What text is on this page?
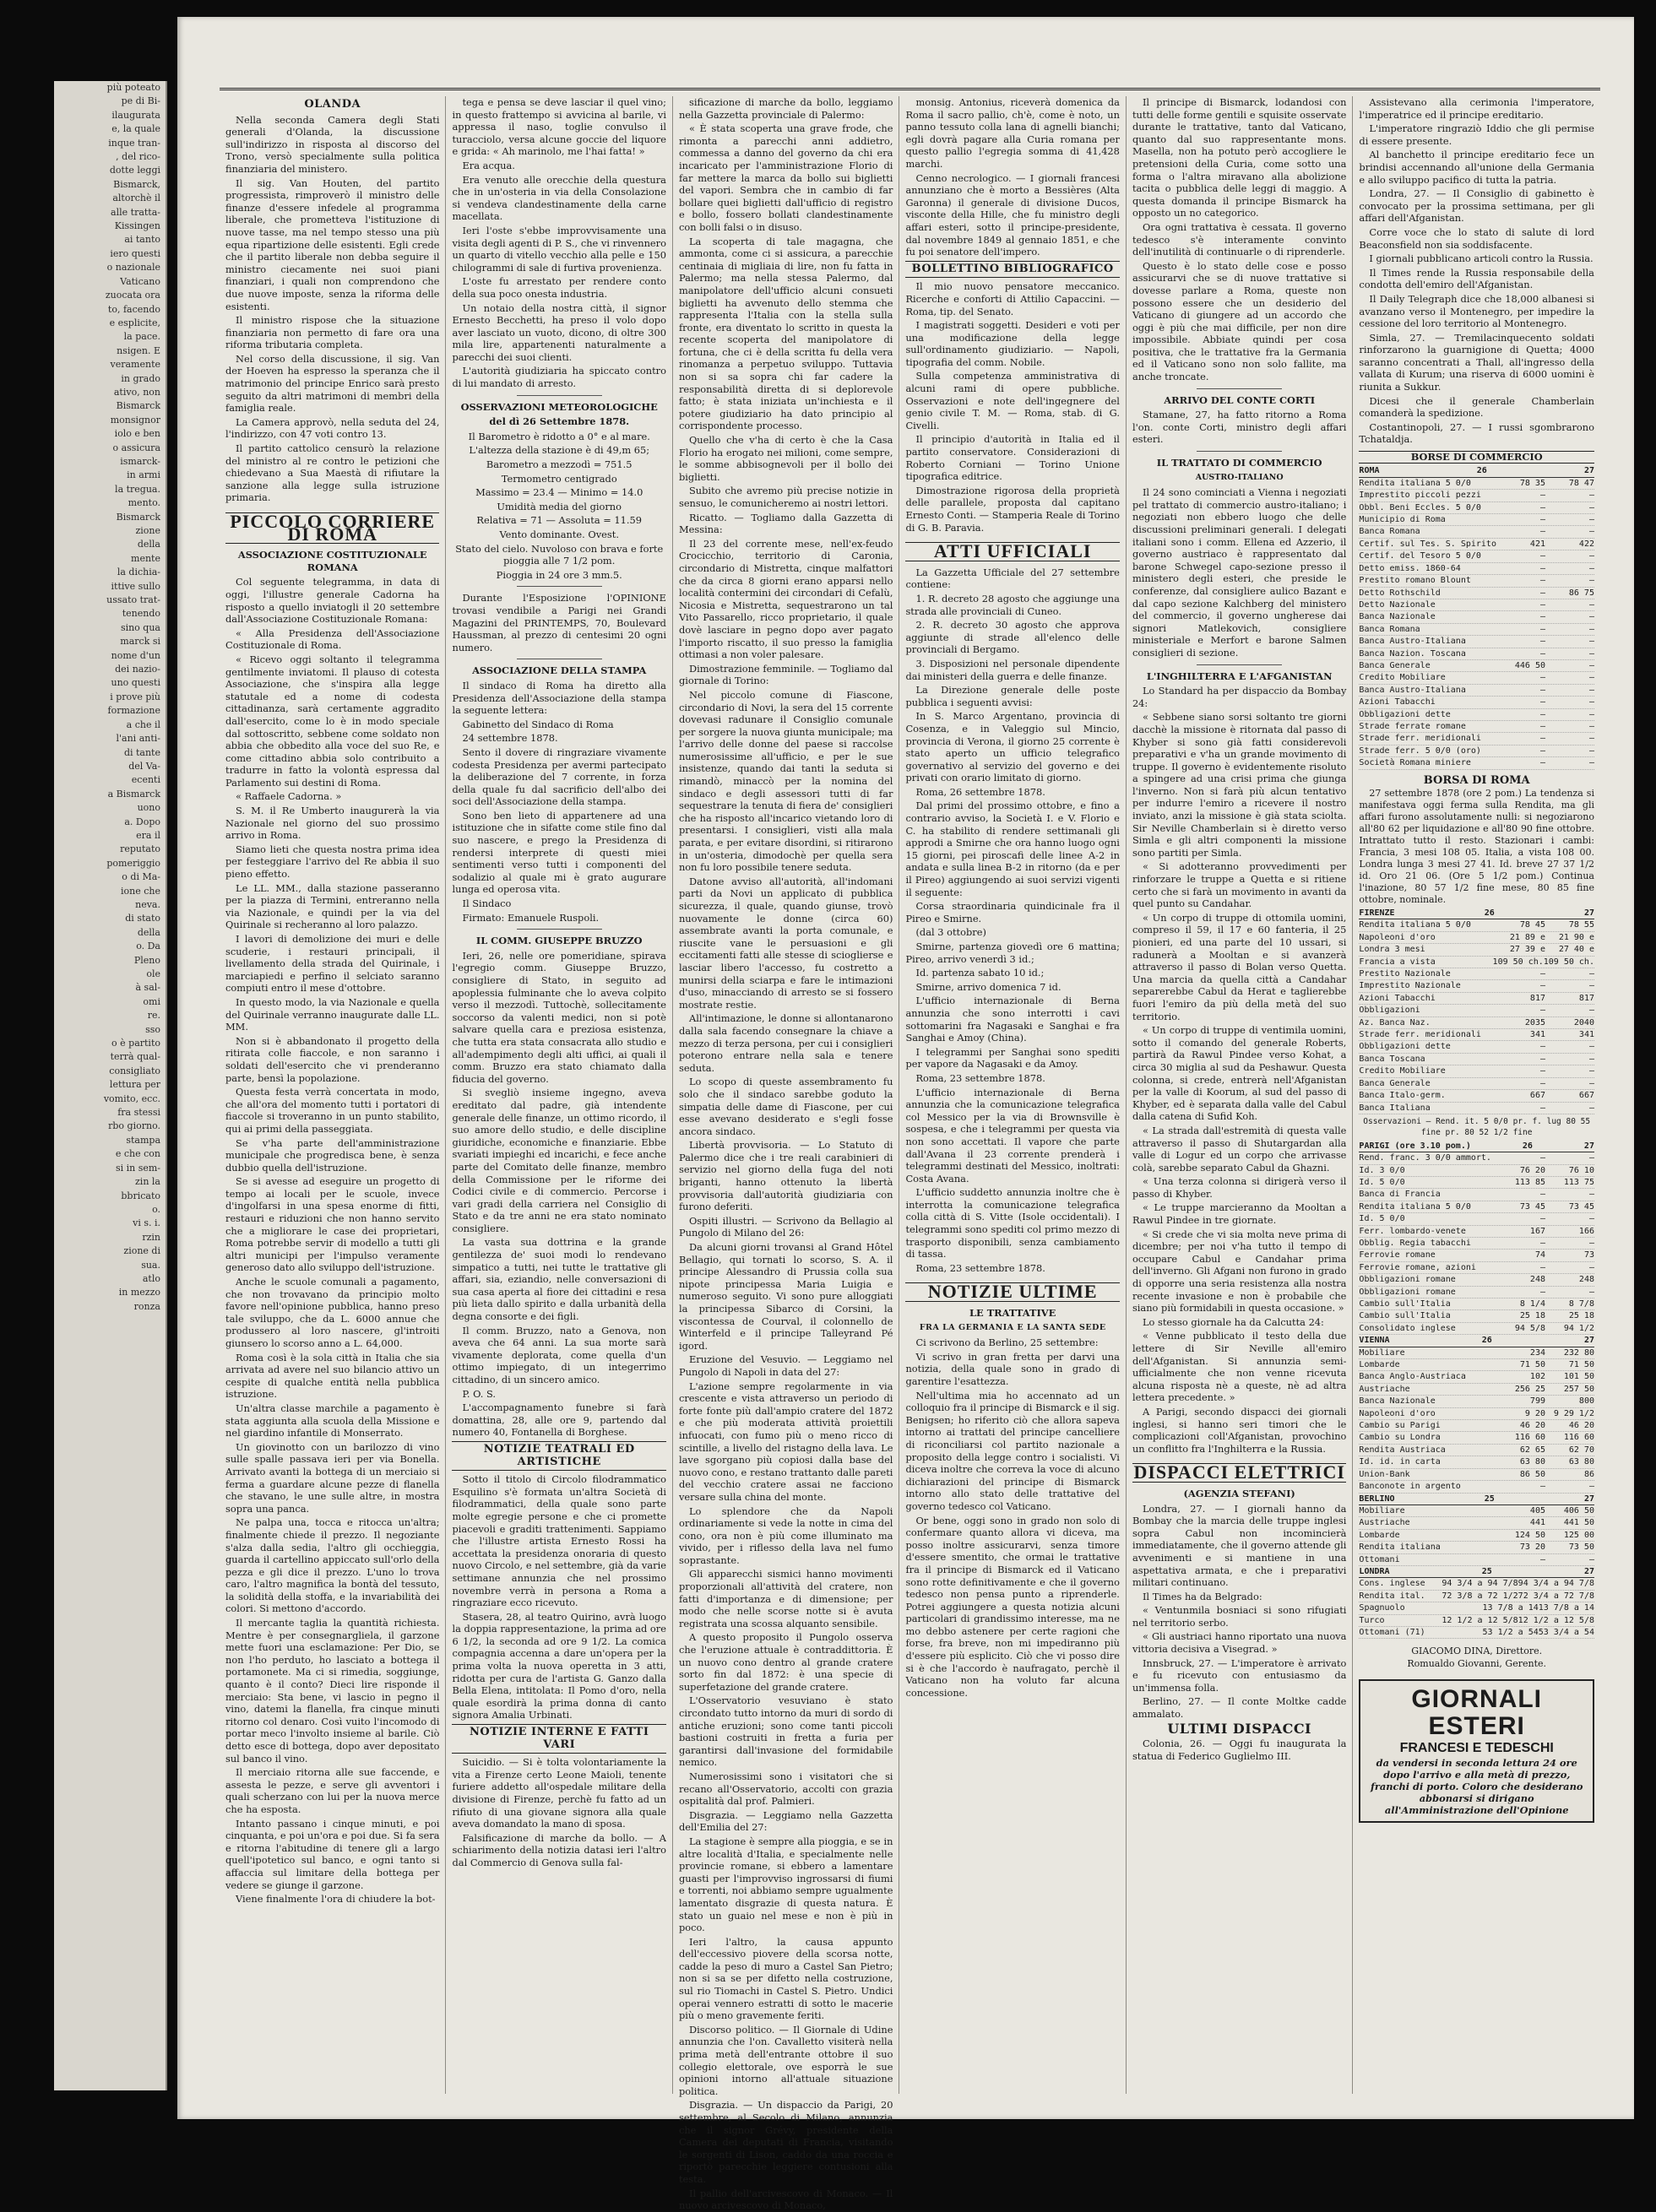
più poteato
pe di Bi-
ilaugurata
e, la quale
inque tran-
, del rico-
dotte leggi
Bismarck,
altorchè il
alle tratta-
Kissingen
ai tanto
iero questi
o nazionale
Vaticano
zuocata ora
to, facendo
e esplicite,
la pace.
nsigen. E
veramente
in grado
ativo, non
Bismarck
monsignor
iolo e ben
o assicura
ismarck-
in armi
la tregua.
mento.
Bismarck
zione
della
mente
la dichia-
ittive sullo
ussato trat-
tenendo
sino qua
marck si
nome d'un
dei nazio-
uno questi
i prove più
formazione
a che il
l'ani anti-
di tante
del Va-
ecenti
a Bismarck
uono
a. Dopo
era il
reputato
pomeriggio
o di Ma-
ione che
neva.
di stato
della
o. Da
Pleno
ole
à sal-
omi
re.
sso
o è partito
terrà qual-
consigliato
lettura per
vomito, ecc.
fra stessi
rbo giorno.
stampa
e che con
si in sem-
zin la
bbricato
o.
vi s. i.
rzin
zione di
sua.
atlo
in mezzo
ronza
OLANDA

Nella seconda Camera degli Stati generali d'Olanda, la discussione sull'indirizzo in risposta al discorso del Trono, versò specialmente sulla politica finanziaria del ministero.

Il sig. Van Houten, del partito progressista, rimproverò il ministro delle finanze d'essere infedele al programma liberale, che prometteva l'istituzione di nuove tasse, ma nel tempo stesso una più equa ripartizione delle esistenti. Egli crede che il partito liberale non debba seguire il ministro ciecamente nei suoi piani finanziari, i quali non comprendono che due nuove imposte, senza la riforma delle esistenti.

Il ministro rispose che la situazione finanziaria non permetto di fare ora una riforma tributaria completa.

Nel corso della discussione, il sig. Van der Hoeven ha espresso la speranza che il matrimonio del principe Enrico sarà presto seguito da altri matrimoni di membri della famiglia reale.

La Camera approvò, nella seduta del 24, l'indirizzo, con 47 voti contro 13.

Il partito cattolico censurò la relazione del ministro al re contro le petizioni che chiedevano a Sua Maestà di rifiutare la sanzione alla legge sulla istruzione primaria.

PICCOLO CORRIERE DI ROMA
ASSOCIAZIONE COSTITUZIONALE ROMANA

Col seguente telegramma, in data di oggi, l'illustre generale Cadorna ha risposto a quello inviatogli il 20 settembre dall'Associazione Costituzionale Romana:

« Alla Presidenza dell'Associazione Costituzionale di Roma.

« Ricevo oggi soltanto il telegramma gentilmente inviatomi. Il plauso di cotesta Associazione, che s'inspira alla legge statutale ed a nome di codesta cittadinanza, sarà certamente aggradito dall'esercito, come lo è in modo speciale dal sottoscritto, sebbene come soldato non abbia che obbedito alla voce del suo Re, e come cittadino abbia solo contribuito a tradurre in fatto la volontà espressa dal Parlamento sui destini di Roma.

« Raffaele Cadorna. »

S. M. il Re Umberto inaugurerà la via Nazionale nel giorno del suo prossimo arrivo in Roma.

Siamo lieti che questa nostra prima idea per festeggiare l'arrivo del Re abbia il suo pieno effetto.

Le LL. MM., dalla stazione passeranno per la piazza di Termini, entreranno nella via Nazionale, e quindi per la via del Quirinale si recheranno al loro palazzo.

I lavori di demolizione dei muri e delle scuderie, i restauri principali, il livellamento della strada del Quirinale, i marciapiedi e perfino il selciato saranno compiuti entro il mese d'ottobre.

In questo modo, la via Nazionale e quella del Quirinale verranno inaugurate dalle LL. MM.

Non si è abbandonato il progetto della ritirata colle fiaccole, e non saranno i soldati dell'esercito che vi prenderanno parte, bensì la popolazione.

Questa festa verrà concertata in modo, che all'ora del momento tutti i portatori di fiaccole si troveranno in un punto stabilito, qui ai primi della passeggiata.

Se v'ha parte dell'amministrazione municipale che progredisca bene, è senza dubbio quella dell'istruzione.

Se si avesse ad eseguire un progetto di tempo ai locali per le scuole, invece d'ingolfarsi in una spesa enorme di fitti, restauri e riduzioni che non hanno servito che a migliorare le case dei proprietari, Roma potrebbe servir di modello a tutti gli altri municipi per l'impulso veramente generoso dato allo sviluppo dell'istruzione.

Anche le scuole comunali a pagamento, che non trovavano da principio molto favore nell'opinione pubblica, hanno preso tale sviluppo, che da L. 6000 annue che produssero al loro nascere, gl'introiti giunsero lo scorso anno a L. 64,000.

Roma così è la sola città in Italia che sia arrivata ad avere nel suo bilancio attivo un cespite di qualche entità nella pubblica istruzione.

Un'altra classe marchile a pagamento è stata aggiunta alla scuola della Missione e nel giardino infantile di Monserrato.

Un giovinotto con un barilozzo di vino sulle spalle passava ieri per via Bonella. Arrivato avanti la bottega di un merciaio si ferma a guardare alcune pezze di flanella che stavano, le une sulle altre, in mostra sopra una panca.

Ne palpa una, tocca e ritocca un'altra; finalmente chiede il prezzo. Il negoziante s'alza dalla sedia, l'altro gli occhieggia, guarda il cartellino appiccato sull'orlo della pezza e gli dice il prezzo. L'uno lo trova caro, l'altro magnifica la bontà del tessuto, la solidità della stoffa, e la invariabilità dei colori. Si mettono d'accordo.

Il mercante taglia la quantità richiesta. Mentre è per consegnargliela, il garzone mette fuori una esclamazione: Per Dio, se non l'ho perduto, ho lasciato a bottega il portamonete. Ma ci si rimedia, soggiunge, quanto è il conto? Dieci lire risponde il merciaio: Sta bene, vi lascio in pegno il vino, datemi la flanella, fra cinque minuti ritorno col denaro. Così vuito l'incomodo di portar meco l'involto insieme al barile. Ciò detto esce di bottega, dopo aver depositato sul banco il vino.

Il merciaio ritorna alle sue faccende, e assesta le pezze, e serve gli avventori i quali scherzano con lui per la nuova merce che ha esposta.

Intanto passano i cinque minuti, e poi cinquanta, e poi un'ora e poi due. Si fa sera e ritorna l'abitudine di tenere gli a largo quell'ipotetico sul banco, e ogni tanto si affaccia sul limitare della bottega per vedere se giunge il garzone.

Viene finalmente l'ora di chiudere la bot-

tega e pensa se deve lasciar il quel vino; in questo frattempo si avvicina al barile, vi appressa il naso, toglie convulso il turacciolo, versa alcune goccie del liquore e grida: « Ah marinolo, me l'hai fatta! »

Era acqua.

Era venuto alle orecchie della questura che in un'osteria in via della Consolazione si vendeva clandestinamente della carne macellata.

Ieri l'oste s'ebbe improvvisamente una visita degli agenti di P. S., che vi rinvennero un quarto di vitello vecchio alla pelle e 150 chilogrammi di sale di furtiva provenienza.

L'oste fu arrestato per rendere conto della sua poco onesta industria.

Un notaio della nostra città, il signor Ernesto Becchetti, ha preso il volo dopo aver lasciato un vuoto, dicono, di oltre 300 mila lire, appartenenti naturalmente a parecchi dei suoi clienti.

L'autorità giudiziaria ha spiccato contro di lui mandato di arresto.

OSSERVAZIONI METEOROLOGICHE
del dì 26 Settembre 1878.

Il Barometro è ridotto a 0° e al mare.

L'altezza della stazione è di 49,m 65;

Barometro a mezzodì = 751.5

Termometro centigrado

Massimo = 23.4 — Minimo = 14.0

Umidità media del giorno

Relativa = 71 — Assoluta = 11.59

Vento dominante. Ovest.

Stato del cielo. Nuvoloso con brava e forte pioggia alle 7 1/2 pom.

Pioggia in 24 ore 3 mm.5.

Durante l'Esposizione l'OPINIONE trovasi vendibile a Parigi nei Grandi Magazini del PRINTEMPS, 70, Boulevard Haussman, al prezzo di centesimi 20 ogni numero.

ASSOCIAZIONE DELLA STAMPA

Il sindaco di Roma ha diretto alla Presidenza dell'Associazione della stampa la seguente lettera:

Gabinetto del Sindaco di Roma

24 settembre 1878.

Sento il dovere di ringraziare vivamente codesta Presidenza per avermi partecipato la deliberazione del 7 corrente, in forza della quale fu dal sacrificio dell'albo dei soci dell'Associazione della stampa.

Sono ben lieto di appartenere ad una istituzione che in sifatte come stile fino dal suo nascere, e prego la Presidenza di rendersi interprete di questi miei sentimenti verso tutti i componenti del sodalizio al quale mi è grato augurare lunga ed operosa vita.

Il Sindaco

Firmato: Emanuele Ruspoli.

IL COMM. GIUSEPPE BRUZZO

Ieri, 26, nelle ore pomeridiane, spirava l'egregio comm. Giuseppe Bruzzo, consigliere di Stato, in seguito ad apoplessia fulminante che lo aveva colpito verso il mezzodì. Tuttochè, sollecitamente soccorso da valenti medici, non si potè salvare quella cara e preziosa esistenza, che tutta era stata consacrata allo studio e all'adempimento degli alti uffici, ai quali il comm. Bruzzo era stato chiamato dalla fiducia del governo.

Si svegliò insieme ingegno, aveva ereditato dal padre, già intendente generale delle finanze, un ottimo ricordo, il suo amore dello studio, e delle discipline giuridiche, economiche e finanziarie. Ebbe svariati impieghi ed incarichi, e fece anche parte del Comitato delle finanze, membro della Commissione per le riforme dei Codici civile e di commercio. Percorse i vari gradi della carriera nel Consiglio di Stato e da tre anni ne era stato nominato consigliere.

La vasta sua dottrina e la grande gentilezza de' suoi modi lo rendevano simpatico a tutti, nei tutte le trattative gli affari, sia, eziandio, nelle conversazioni di sua casa aperta al fiore dei cittadini e resa più lieta dallo spirito e dalla urbanità della degna consorte e dei figli.

Il comm. Bruzzo, nato a Genova, non aveva che 64 anni. La sua morte sarà vivamente deplorata, come quella d'un ottimo impiegato, di un integerrimo cittadino, di un sincero amico.

P. O. S.

L'accompagnamento funebre si farà domattina, 28, alle ore 9, partendo dal numero 40, Fontanella di Borghese.

NOTIZIE TEATRALI ED ARTISTICHE

Sotto il titolo di Circolo filodrammatico Esquilino s'è formata un'altra Società di filodrammatici, della quale sono parte molte egregie persone e che ci promette piacevoli e graditi trattenimenti. Sappiamo che l'illustre artista Ernesto Rossi ha accettata la presidenza onoraria di questo nuovo Circolo, e nel settembre, già da varie settimane annunzia che nel prossimo novembre verrà in persona a Roma a ringraziare ecco ricevuto.

Stasera, 28, al teatro Quirino, avrà luogo la doppia rappresentazione, la prima ad ore 6 1/2, la seconda ad ore 9 1/2. La comica compagnia accenna a dare un'opera per la prima volta la nuova operetta in 3 atti, ridotta per cura de l'artista G. Ganzo dalla Bella Elena, intitolata: Il Pomo d'oro, nella quale esordirà la prima donna di canto signora Amalia Urbinati.

NOTIZIE INTERNE E FATTI VARI

Suicidio. — Si è tolta volontariamente la vita a Firenze certo Leone Maioli, tenente furiere addetto all'ospedale militare della divisione di Firenze, perchè fu fatto ad un rifiuto di una giovane signora alla quale aveva domandato la mano di sposa.

Falsificazione di marche da bollo. — A schiarimento della notizia datasi ieri l'altro dal Commercio di Genova sulla fal-

sificazione di marche da bollo, leggiamo nella Gazzetta provinciale di Palermo:

« È stata scoperta una grave frode, che rimonta a parecchi anni addietro, commessa a danno del governo da chi era incaricato per l'amministrazione Florio di far mettere la marca da bollo sui biglietti del vapori. Sembra che in cambio di far bollare quei biglietti dall'ufficio di registro e bollo, fossero bollati clandestinamente con bolli falsi o in disuso.

La scoperta di tale magagna, che ammonta, come ci si assicura, a parecchie centinaia di migliaia di lire, non fu fatta in Palermo; ma nella stessa Palermo, dal manipolatore dell'ufficio alcuni consueti biglietti ha avvenuto dello stemma che rappresenta l'Italia con la stella sulla fronte, era diventato lo scritto in questa la recente scoperta del manipolatore di fortuna, che ci è della scritta fu della vera rinomanza a perpetuo sviluppo. Tuttavia non si sa sopra chi far cadere la responsabilità diretta di si deplorevole fatto; è stata iniziata un'inchiesta e il potere giudiziario ha dato principio al corrispondente processo.

Quello che v'ha di certo è che la Casa Florio ha erogato nei milioni, come sempre, le somme abbisognevoli per il bollo dei biglietti.

Subito che avremo più precise notizie in sensuo, le comunicheremo ai nostri lettori.

Ricatto. — Togliamo dalla Gazzetta di Messina:

Il 23 del corrente mese, nell'ex-feudo Crocicchio, territorio di Caronia, circondario di Mistretta, cinque malfattori che da circa 8 giorni erano apparsi nello località contermini dei circondari di Cefalù, Nicosia e Mistretta, sequestrarono un tal Vito Passarello, ricco proprietario, il quale dovè lasciare in pegno dopo aver pagato l'importo riscatto, il suo presso la famiglia ottimasi a non voler palesare.

Dimostrazione femminile. — Togliamo dal giornale di Torino:

Nel piccolo comune di Fiascone, circondario di Novi, la sera del 15 corrente dovevasi radunare il Consiglio comunale per sorgere la nuova giunta municipale; ma l'arrivo delle donne del paese si raccolse numerosissime all'ufficio, e per le sue insistenze, quando dai tanti la seduta si rimandò, minaccò per la nomina del sindaco e degli assessori tutti di far sequestrare la tenuta di fiera de' consiglieri che ha risposto all'incarico vietando loro di presentarsi. I consiglieri, visti alla mala parata, e per evitare disordini, si ritirarono in un'osteria, dimodochè per quella sera non fu loro possibile tenere seduta.

Datone avviso all'autorità, all'indomani parti da Novi un applicato di pubblica sicurezza, il quale, quando giunse, trovò nuovamente le donne (circa 60) assembrate avanti la porta comunale, e riuscite vane le persuasioni e gli eccitamenti fatti alle stesse di scioglierse e lasciar libero l'accesso, fu costretto a munirsi della sciarpa e fare le intimazioni d'uso, minacciando di arresto se si fossero mostrate restie.

All'intimazione, le donne si allontanarono dalla sala facendo consegnare la chiave a mezzo di terza persona, per cui i consiglieri poterono entrare nella sala e tenere seduta.

Lo scopo di queste assembramento fu solo che il sindaco sarebbe goduto la simpatia delle dame di Fiascone, per cui esse avevano desiderato e s'egli fosse ancora sindaco.

Libertà provvisoria. — Lo Statuto di Palermo dice che i tre reali carabinieri di servizio nel giorno della fuga del noti briganti, hanno ottenuto la libertà provvisoria dall'autorità giudiziaria con furono deferiti.

Ospiti illustri. — Scrivono da Bellagio al Pungolo di Milano del 26:

Da alcuni giorni trovansi al Grand Hôtel Bellagio, qui tornati lo scorso, S. A. il principe Alessandro di Prussia colla sua nipote principessa Maria Luigia e numeroso seguito. Vi sono pure alloggiati la principessa Sibarco di Corsini, la viscontessa de Courval, il colonnello de Winterfeld e il principe Talleyrand Pé igord.

Eruzione del Vesuvio. — Leggiamo nel Pungolo di Napoli in data del 27:

L'azione sempre regolarmente in via crescente e vista attraverso un periodo di forte fonte più dall'ampio cratere del 1872 e che più moderata attività proiettili infuocati, con fumo più o meno ricco di scintille, a livello del ristagno della lava. Le lave sgorgano più copiosi dalla base del nuovo cono, e restano trattanto dalle pareti del vecchio cratere assai ne facciono versare sulla china del monte.

Lo splendore che da Napoli ordinariamente si vede la notte in cima del cono, ora non è più come illuminato ma vivido, per i riflesso della lava nel fumo soprastante.

Gli apparecchi sismici hanno movimenti proporzionali all'attività del cratere, non fatti d'importanza e di dimensione; per modo che nelle scorse notte si è avuta registrata una scossa alquanto sensibile.

A questo proposito il Pungolo osserva che l'eruzione attuale è contraddittoria. È un nuovo cono dentro al grande cratere sorto fin dal 1872: è una specie di superfetazione del grande cratere.

L'Osservatorio vesuviano è stato circondato tutto intorno da muri di sordo di antiche eruzioni; sono come tanti piccoli bastioni costruiti in fretta a furia per garantirsi dall'invasione del formidabile nemico.

Numerosissimi sono i visitatori che si recano all'Osservatorio, accolti con grazia ospitalità dal prof. Palmieri.

Disgrazia. — Leggiamo nella Gazzetta dell'Emilia del 27:

La stagione è sempre alla pioggia, e se in altre località d'Italia, e specialmente nelle provincie romane, si ebbero a lamentare guasti per l'improvviso ingrossarsi di fiumi e torrenti, noi abbiamo sempre ugualmente lamentato disgrazie di questa natura. È stato un guaio nel mese e non è più in poco.

Ieri l'altro, la causa appunto dell'eccessivo piovere della scorsa notte, cadde la peso di muro a Castel San Pietro; non si sa se per difetto nella costruzione, sul rio Tiomachi in Castel S. Pietro. Undici operai vennero estratti di sotto le macerie più o meno gravemente feriti.

Discorso politico. — Il Giornale di Udine annunzia che l'on. Cavalletto visiterà nella prima metà dell'entrante ottobre il suo collegio elettorale, ove esporrà le sue opinioni intorno all'attuale situazione politica.

Disgrazia. — Un dispaccio da Parigi, 20 settembre, al Secolo di Milano, annunzia che il signor Grévy, presidente della Camera dei deputati di Francia, visitando le sorgenti di Lison, caddo da una roccia e riportò parecchie leggiere contusioni alla testa.

Il pallio dell'arcivescovo di Monaco. — Il nuovo arcivescovo di Monaco,

monsig. Antonius, riceverà domenica da Roma il sacro pallio, ch'è, come è noto, un panno tessuto colla lana di agnelli bianchi; egli dovrà pagare alla Curia romana per questo pallio l'egregia somma di 41,428 marchi.

Cenno necrologico. — I giornali francesi annunziano che è morto a Bessières (Alta Garonna) il generale di divisione Ducos, visconte della Hille, che fu ministro degli affari esteri, sotto il principe-presidente, dal novembre 1849 al gennaio 1851, e che fu poi senatore dell'impero.

BOLLETTINO BIBLIOGRAFICO

Il mio nuovo pensatore meccanico. Ricerche e conforti di Attilio Capaccini. — Roma, tip. del Senato.

I magistrati soggetti. Desideri e voti per una modificazione della legge sull'ordinamento giudiziario. — Napoli, tipografia del comm. Nobile.

Sulla competenza amministrativa di alcuni rami di opere pubbliche. Osservazioni e note dell'ingegnere del genio civile T. M. — Roma, stab. di G. Civelli.

Il principio d'autorità in Italia ed il partito conservatore. Considerazioni di Roberto Corniani — Torino Unione tipografica editrice.

Dimostrazione rigorosa della proprietà delle parallele, proposta dal capitano Ernesto Conti. — Stamperia Reale di Torino di G. B. Paravia.

ATTI UFFICIALI

La Gazzetta Ufficiale del 27 settembre contiene:

1. R. decreto 28 agosto che aggiunge una strada alle provinciali di Cuneo.

2. R. decreto 30 agosto che approva aggiunte di strade all'elenco delle provinciali di Bergamo.

3. Disposizioni nel personale dipendente dai ministeri della guerra e delle finanze.

La Direzione generale delle poste pubblica i seguenti avvisi:

In S. Marco Argentano, provincia di Cosenza, e in Valeggio sul Mincio, provincia di Verona, il giorno 25 corrente è stato aperto un ufficio telegrafico governativo al servizio del governo e dei privati con orario limitato di giorno.

Roma, 26 settembre 1878.

Dal primi del prossimo ottobre, e fino a contrario avviso, la Società I. e V. Florio e C. ha stabilito di rendere settimanali gli approdi a Smirne che ora hanno luogo ogni 15 giorni, pei piroscafi delle linee A-2 in andata e sulla linea B-2 in ritorno (da e per il Pireo) aggiungendo ai suoi servizi vigenti il seguente:

Corsa straordinaria quindicinale fra il Pireo e Smirne.

(dal 3 ottobre)

Smirne, partenza giovedì ore 6 mattina; Pireo, arrivo venerdì 3 id.;

Id. partenza sabato 10 id.;

Smirne, arrivo domenica 7 id.

L'ufficio internazionale di Berna annunzia che sono interrotti i cavi sottomarini fra Nagasaki e Sanghai e fra Sanghai e Amoy (China).

I telegrammi per Sanghai sono spediti per vapore da Nagasaki e da Amoy.

Roma, 23 settembre 1878.

L'ufficio internazionale di Berna annunzia che la comunicazione telegrafica col Messico per la via di Brownsville è sospesa, e che i telegrammi per questa via non sono accettati. Il vapore che parte dall'Avana il 23 corrente prenderà i telegrammi destinati del Messico, inoltrati: Costa Avana.

L'ufficio suddetto annunzia inoltre che è interrotta la comunicazione telegrafica colla città di S. Vitte (Isole occidentali). I telegrammi sono spediti col primo mezzo di trasporto disponibili, senza cambiamento di tassa.

Roma, 23 settembre 1878.

NOTIZIE ULTIME
LE TRATTATIVE
FRA LA GERMANIA E LA SANTA SEDE

Ci scrivono da Berlino, 25 settembre:

Vi scrivo in gran fretta per darvi una notizia, della quale sono in grado di garentire l'esattezza.

Nell'ultima mia ho accennato ad un colloquio fra il principe di Bismarck e il sig. Benigsen; ho riferito ciò che allora sapeva intorno ai trattati del principe cancelliere di riconciliarsi col partito nazionale a proposito della legge contro i socialisti. Vi diceva inoltre che correva la voce di alcuno dichiarazioni del principe di Bismarck intorno allo stato delle trattative del governo tedesco col Vaticano.

Or bene, oggi sono in grado non solo di confermare quanto allora vi diceva, ma posso inoltre assicurarvi, senza timore d'essere smentito, che ormai le trattative fra il principe di Bismarck ed il Vaticano sono rotte definitivamente e che il governo tedesco non pensa punto a riprenderle. Potrei aggiungere a questa notizia alcuni particolari di grandissimo interesse, ma ne mo debbo astenere per certe ragioni che forse, fra breve, non mi impediranno più d'essere più esplicito. Ciò che vi posso dire si è che l'accordo è naufragato, perchè il Vaticano non ha voluto far alcuna concessione.

Il principe di Bismarck, lodandosi con tutti delle forme gentili e squisite osservate durante le trattative, tanto dal Vaticano, quanto dal suo rappresentante mons. Masella, non ha potuto però accogliere le pretensioni della Curia, come sotto una forma o l'altra miravano alla abolizione tacita o pubblica delle leggi di maggio. A questa domanda il principe Bismarck ha opposto un no categorico.

Ora ogni trattativa è cessata. Il governo tedesco s'è interamente convinto dell'inutilità di continuarle o di riprenderle.

Questo è lo stato delle cose e posso assicurarvi che se di nuove trattative si dovesse parlare a Roma, queste non possono essere che un desiderio del Vaticano di giungere ad un accordo che oggi è più che mai difficile, per non dire impossibile. Abbiate quindi per cosa positiva, che le trattative fra la Germania ed il Vaticano sono non solo fallite, ma anche troncate.

ARRIVO DEL CONTE CORTI

Stamane, 27, ha fatto ritorno a Roma l'on. conte Corti, ministro degli affari esteri.

IL TRATTATO DI COMMERCIO
AUSTRO-ITALIANO

Il 24 sono cominciati a Vienna i negoziati pel trattato di commercio austro-italiano; i negoziati non ebbero luogo che delle discussioni preliminari generali. I delegati italiani sono i comm. Ellena ed Azzerio, il governo austriaco è rappresentato dal barone Schwegel capo-sezione presso il ministero degli esteri, che preside le conferenze, dal consigliere aulico Bazant e dal capo sezione Kalchberg del ministero del commercio, il governo ungherese dai signori Matlekovich, consigliere ministeriale e Merfort e barone Salmen consiglieri di sezione.

L'INGHILTERRA E L'AFGANISTAN

Lo Standard ha per dispaccio da Bombay 24:

« Sebbene siano sorsi soltanto tre giorni dacchè la missione è ritornata dal passo di Khyber si sono già fatti considerevoli preparativi e v'ha un grande movimento di truppe. Il governo è evidentemente risoluto a spingere ad una crisi prima che giunga l'inverno. Non si farà più alcun tentativo per indurre l'emiro a ricevere il nostro inviato, anzi la missione è già stata sciolta. Sir Neville Chamberlain si è diretto verso Simla e gli altri componenti la missione sono partiti per Simla.

« Si adotteranno provvedimenti per rinforzare le truppe a Quetta e si ritiene certo che si farà un movimento in avanti da quel punto su Candahar.

« Un corpo di truppe di ottomila uomini, compreso il 59, il 17 e 60 fanteria, il 25 pionieri, ed una parte del 10 ussari, si radunerà a Mooltan e si avanzerà attraverso il passo di Bolan verso Quetta. Una marcia da quella città a Candahar separerebbe Cabul da Herat e taglierebbe fuori l'emiro da più della metà del suo territorio.

« Un corpo di truppe di ventimila uomini, sotto il comando del generale Roberts, partirà da Rawul Pindee verso Kohat, a circa 30 miglia al sud da Peshawur. Questa colonna, si crede, entrerà nell'Afganistan per la valle di Koorum, al sud del passo di Khyber, ed è separata dalla valle del Cabul dalla catena di Sufid Koh.

« La strada dall'estremità di questa valle attraverso il passo di Shutargardan alla valle di Logur ed un corpo che arrivasse colà, sarebbe separato Cabul da Ghazni.

« Una terza colonna si dirigerà verso il passo di Khyber.

« Le truppe marcieranno da Mooltan a Rawul Pindee in tre giornate.

« Si crede che vi sia molta neve prima di dicembre; per noi v'ha tutto il tempo di occupare Cabul e Candahar prima dell'inverno. Gli Afgani non furono in grado di opporre una seria resistenza alla nostra recente invasione e non è probabile che siano più formidabili in questa occasione. »

Lo stesso giornale ha da Calcutta 24:

« Venne pubblicato il testo della due lettere di Sir Neville all'emiro dell'Afganistan. Si annunzia semi-ufficialmente che non venne ricevuta alcuna risposta nè a queste, nè ad altra lettera precedente. »

A Parigi, secondo dispacci dei giornali inglesi, si hanno seri timori che le complicazioni coll'Afganistan, provochino un conflitto fra l'Inghilterra e la Russia.

DISPACCI ELETTRICI
(AGENZIA STEFANI)

Londra, 27. — I giornali hanno da Bombay che la marcia delle truppe inglesi sopra Cabul non incomincierà immediatamente, che il governo attende gli avvenimenti e si mantiene in una aspettativa armata, e che i preparativi militari continuano.

Il Times ha da Belgrado:

« Ventunmila bosniaci si sono rifugiati nel territorio serbo.

« Gli austriaci hanno riportato una nuova vittoria decisiva a Visegrad. »

Innsbruck, 27. — L'imperatore è arrivato e fu ricevuto con entusiasmo da un'immensa folla.

Berlino, 27. — Il conte Moltke cadde ammalato.

ULTIMI DISPACCI

Colonia, 26. — Oggi fu inaugurata la statua di Federico Guglielmo III.

Assistevano alla cerimonia l'imperatore, l'imperatrice ed il principe ereditario.

L'imperatore ringraziò Iddio che gli permise di essere presente.

Al banchetto il principe ereditario fece un brindisi accennando all'unione della Germania e allo sviluppo pacifico di tutta la patria.

Londra, 27. — Il Consiglio di gabinetto è convocato per la prossima settimana, per gli affari dell'Afganistan.

Corre voce che lo stato di salute di lord Beaconsfield non sia soddisfacente.

I giornali pubblicano articoli contro la Russia.

Il Times rende la Russia responsabile della condotta dell'emiro dell'Afganistan.

Il Daily Telegraph dice che 18,000 albanesi si avanzano verso il Montenegro, per impedire la cessione del loro territorio al Montenegro.

Simla, 27. — Tremilacinquecento soldati rinforzarono la guarnigione di Quetta; 4000 saranno concentrati a Thall, all'ingresso della vallata di Kurum; una riserva di 6000 uomini è riunita a Sukkur.

Dicesi che il generale Chamberlain comanderà la spedizione.

Costantinopoli, 27. — I russi sgombrarono Tchataldja.

BORSE DI COMMERCIO
ROMA	26	27
Rendita italiana 5 0/0	78 35	78 47
Imprestito piccoli pezzi	—	—
Obbl. Beni Eccles. 5 0/0	—	—
Municipio di Roma	—	—
Banca Romana	—	—
Certif. sul Tes. S. Spirito	421	422
Certif. del Tesoro 5 0/0	—	—
Detto emiss. 1860-64	—	—
Prestito romano Blount	—	—
Detto Rothschild	—	86 75
Detto Nazionale	—	—
Banca Nazionale	—	—
Banca Romana	—	—
Banca Austro-Italiana	—	—
Banca Nazion. Toscana	—	—
Banca Generale	446 50	—
Credito Mobiliare	—	—
Banca Austro-Italiana	—	—
Azioni Tabacchi	—	—
Obbligazioni dette	—	—
Strade ferrate romane	—	—
Strade ferr. meridionali	—	—
Strade ferr. 5 0/0 (oro)	—	—
Società Romana miniere	—	—
BORSA DI ROMA

27 settembre 1878 (ore 2 pom.) La tendenza si manifestava oggi ferma sulla Rendita, ma gli affari furono assolutamente nulli: si negoziarono all'80 62 per liquidazione e all'80 90 fine ottobre. Intrattato tutto il resto. Stazionari i cambi: Francia, 3 mesi 108 05. Italia, a vista 108 00. Londra lunga 3 mesi 27 41. Id. breve 27 37 1/2 id. Oro 21 06. (Ore 5 1/2 pom.) Continua l'inazione, 80 57 1/2 fine mese, 80 85 fine ottobre, nominale.

FIRENZE	26	27
Rendita italiana 5 0/0	78 45	78 55
Napoleoni d'oro	21 89 e	21 90 e
Londra 3 mesi	27 39 e	27 40 e
Francia a vista	109 50 ch. 109 50 ch.
Prestito Nazionale	—	—
Imprestito Nazionale	—	—
Azioni Tabacchi	817	817
Obbligazioni	—	—
Az. Banca Naz.	2035	2040
Strade ferr. meridionali	341	341
Obbligazioni dette	—	—
Banca Toscana	—	—
Credito Mobiliare	—	—
Banca Generale	—	—
Banca Italo-germ.	667	667
Banca Italiana	—	—
Osservazioni — Rend. it. 5 0/0 pr. f. lug 80 55 fine pr. 80 52 1/2 fine
PARIGI (ore 3.10 pom.)	26	27
Rend. franc. 3 0/0 ammort.	—	—
Id. 3 0/0	76 20	76 10
Id. 5 0/0	113 85	113 75
Banca di Francia	—	—
Rendita italiana 5 0/0	73 45	73 45
Id. 5 0/0	—	—
Ferr. lombardo-venete	167	166
Obblig. Regia tabacchi	—	—
Ferrovie romane	74	73
Ferrovie romane, azioni	—	—
Obbligazioni romane	248	248
Obbligazioni romane	—	—
Cambio sull'Italia	8 1/4	8 7/8
Cambio sull'Italia	25 18	25 18
Consolidato inglese	94 5/8	94 1/2
VIENNA	26	27
Mobiliare	234	232 80
Lombarde	71 50	71 50
Banca Anglo-Austriaca	102	101 50
Austriache	256 25	257 50
Banca Nazionale	799	800
Napoleoni d'oro	9 20 9 29 1/2
Cambio su Parigi	46 20	46 20
Cambio su Londra	116 60	116 60
Rendita Austriaca	62 65	62 70
Id. id. in carta	63 80	63 80
Union-Bank	86 50	86
Banconote in argento	—	—
BERLINO	25	27
Mobiliare	405	406 50
Austriache	441	441 50
Lombarde	124 50	125 00
Rendita italiana	73 20	73 50
Ottomani	—	—
LONDRA	25	27
Cons. inglese	94 3/4 a 94 7/8 94 3/4 a 94 7/8
Rendita ital.	72 3/8 a 72 1/2 72 3/4 a 72 7/8
Spagnuolo	13 7/8 a 14 13 7/8 a 14
Turco	12 1/2 a 12 5/8 12 1/2 a 12 5/8
Ottomani (71)	53 1/2 a 54 53 3/4 a 54
GIACOMO DINA, Direttore.
Romualdo Giovanni, Gerente.
GIORNALI ESTERI
FRANCESI E TEDESCHI
da vendersi in seconda lettura 24 ore dopo l'arrivo e alla metà di prezzo, franchi di porto. Coloro che desiderano abbonarsi si dirigano all'Amministrazione dell'Opinione
